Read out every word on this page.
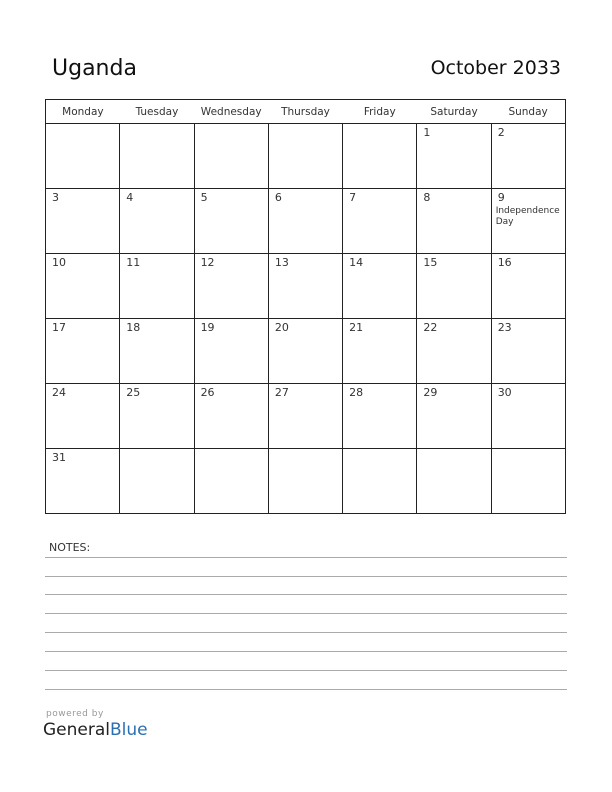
Uganda	October 2033
Monday	Tuesday	Wednesday	Thursday	Friday	Saturday	Sunday

					1	2

3	4	5	6	7	8	9
Independence Day

10	11	12	13	14	15	16

17	18	19	20	21	22	23

24	25	26	27	28	29	30

31						

NOTES:
powered by
GeneralBlue
